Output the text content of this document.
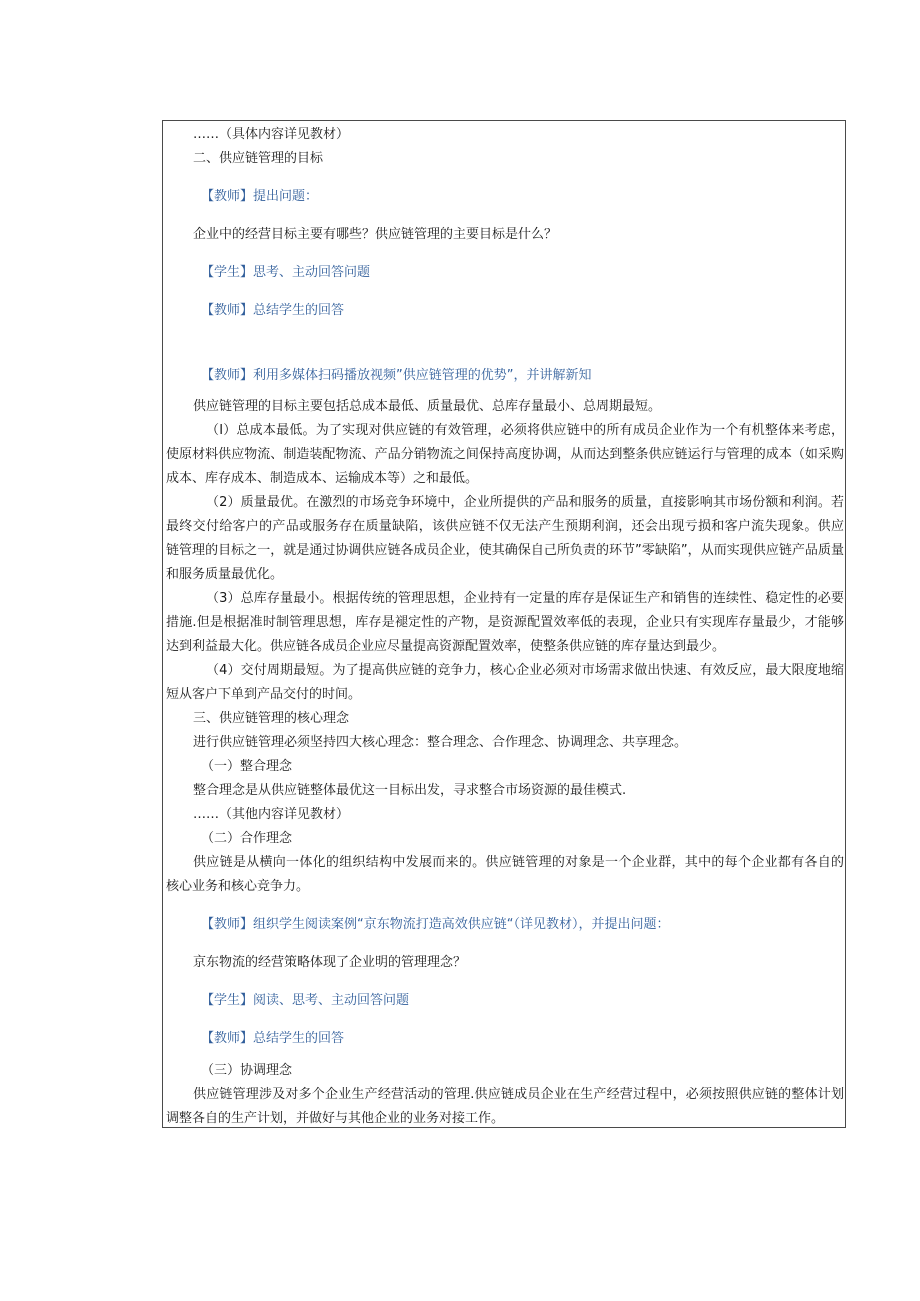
……（具体内容详见教材）
二、供应链管理的目标
【教师】提出问题：
企业中的经营目标主要有哪些？供应链管理的主要目标是什么？
【学生】思考、主动回答问题
【教师】总结学生的回答
【教师】利用多媒体扫码播放视频”供应链管理的优势”，并讲解新知
供应链管理的目标主要包括总成本最低、质量最优、总库存量最小、总周期最短。
（I）总成本最低。为了实现对供应链的有效管理，必须将供应链中的所有成员企业作为一个有机整体来考虑，
使原材料供应物流、制造装配物流、产品分销物流之间保持高度协调，从而达到整条供应链运行与管理的成本（如采购
成本、库存成本、制造成本、运输成本等）之和最低。
（2）质量最优。在激烈的市场竞争环境中，企业所提供的产品和服务的质量，直接影响其市场份额和利润。若
最终交付给客户的产品或服务存在质量缺陷，该供应链不仅无法产生预期利润，还会出现亏损和客户流失现象。供应
链管理的目标之一，就是通过协调供应链各成员企业，使其确保自己所负责的环节”零缺陷”，从而实现供应链产品质量
和服务质量最优化。
（3）总库存量最小。根据传统的管理思想，企业持有一定量的库存是保证生产和销售的连续性、稳定性的必要
措施.但是根据准时制管理思想，库存是褪定性的产物，是资源配置效率低的表现，企业只有实现库存量最少，才能够
达到利益最大化。供应链各成员企业应尽量提高资源配置效率，使整条供应链的库存量达到最少。
（4）交付周期最短。为了提高供应链的竞争力，核心企业必须对市场需求做出快速、有效反应，最大限度地缩
短从客户下单到产品交付的时间。
三、供应链管理的核心理念
进行供应链管理必须坚持四大核心理念：整合理念、合作理念、协调理念、共享理念。
（一）整合理念
整合理念是从供应链整体最优这一目标出发，寻求整合市场资源的最佳模式.
……（其他内容详见教材）
（二）合作理念
供应链是从横向一体化的组织结构中发展而来的。供应链管理的对象是一个企业群，其中的每个企业都有各自的
核心业务和核心竞争力。
【教师】组织学生阅读案例“京东物流打造高效供应链“（详见教材），并提出问题：
京东物流的经营策略体现了企业明的管理理念？
【学生】阅读、思考、主动回答问题
【教师】总结学生的回答
（三）协调理念
供应链管理涉及对多个企业生产经营活动的管理.供应链成员企业在生产经营过程中，必须按照供应链的整体计划
调整各自的生产计划，并做好与其他企业的业务对接工作。
